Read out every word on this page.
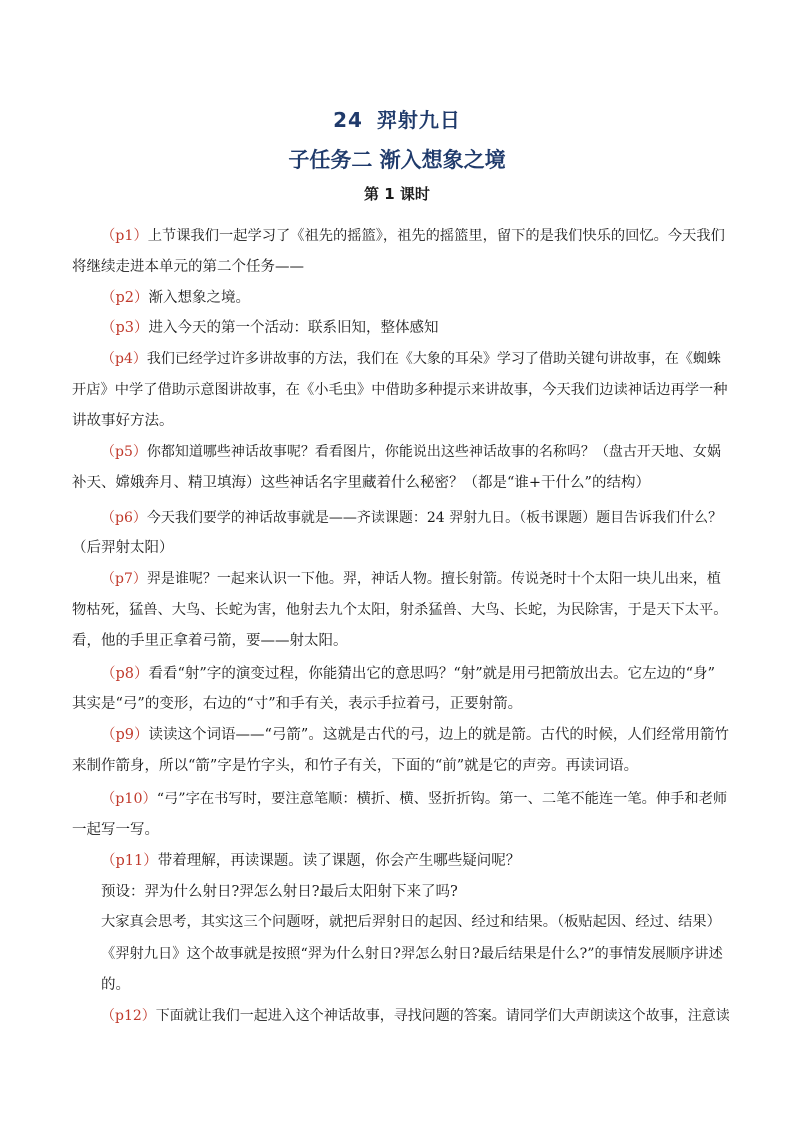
24 羿射九日
子任务二 渐入想象之境
第 1 课时
（p1）上节课我们一起学习了《祖先的摇篮》，祖先的摇篮里，留下的是我们快乐的回忆。今天我们
将继续走进本单元的第二个任务——
（p2）渐入想象之境。
（p3）进入今天的第一个活动：联系旧知，整体感知
（p4）我们已经学过许多讲故事的方法，我们在《大象的耳朵》学习了借助关键句讲故事，在《蜘蛛
开店》中学了借助示意图讲故事，在《小毛虫》中借助多种提示来讲故事，今天我们边读神话边再学一种
讲故事好方法。
（p5）你都知道哪些神话故事呢？看看图片，你能说出这些神话故事的名称吗？（盘古开天地、女娲
补天、嫦娥奔月、精卫填海）这些神话名字里藏着什么秘密？（都是“谁+干什么”的结构）
（p6）今天我们要学的神话故事就是——齐读课题：24 羿射九日。（板书课题）题目告诉我们什么？
（后羿射太阳）
（p7）羿是谁呢？一起来认识一下他。羿，神话人物。擅长射箭。传说尧时十个太阳一块儿出来，植
物枯死，猛兽、大鸟、长蛇为害，他射去九个太阳，射杀猛兽、大鸟、长蛇，为民除害，于是天下太平。
看，他的手里正拿着弓箭，要——射太阳。
（p8）看看“射”字的演变过程，你能猜出它的意思吗？“射”就是用弓把箭放出去。它左边的“身”
其实是“弓”的变形，右边的“寸”和手有关，表示手拉着弓，正要射箭。
（p9）读读这个词语——“弓箭”。这就是古代的弓，边上的就是箭。古代的时候，人们经常用箭竹
来制作箭身，所以“箭”字是竹字头，和竹子有关，下面的“前”就是它的声旁。再读词语。
（p10）“弓”字在书写时，要注意笔顺：横折、横、竖折折钩。第一、二笔不能连一笔。伸手和老师
一起写一写。
（p11）带着理解，再读课题。读了课题，你会产生哪些疑问呢？
预设：羿为什么射日?羿怎么射日?最后太阳射下来了吗?
大家真会思考，其实这三个问题呀，就把后羿射日的起因、经过和结果。（板贴起因、经过、结果）
《羿射九日》这个故事就是按照“羿为什么射日?羿怎么射日?最后结果是什么?”的事情发展顺序讲述
的。
（p12）下面就让我们一起进入这个神话故事，寻找问题的答案。请同学们大声朗读这个故事，注意读
